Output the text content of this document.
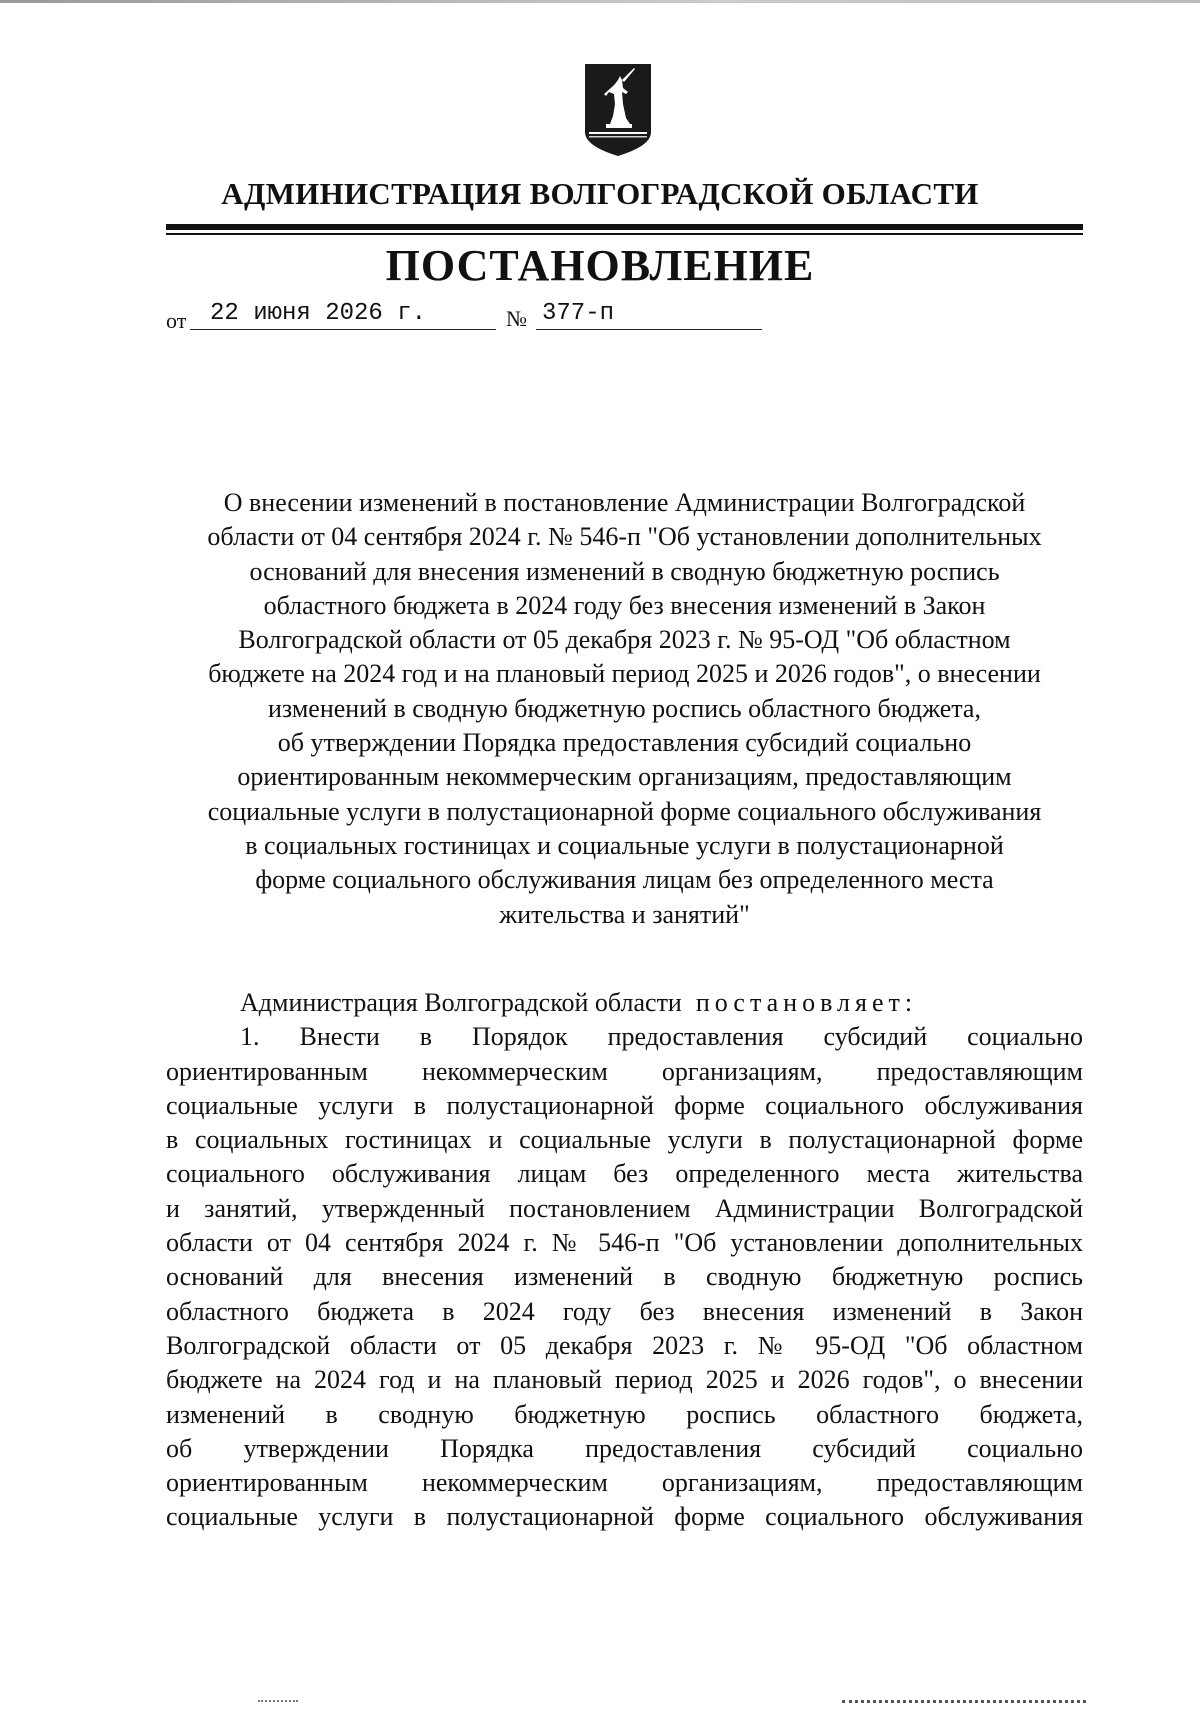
АДМИНИСТРАЦИЯ ВОЛГОГРАДСКОЙ ОБЛАСТИ
ПОСТАНОВЛЕНИЕ
от 22 июня 2026 г.	№ 377-п
О внесении изменений в постановление Администрации Волгоградской
области от 04 сентября 2024 г. № 546-п "Об установлении дополнительных
оснований для внесения изменений в сводную бюджетную роспись
областного бюджета в 2024 году без внесения изменений в Закон
Волгоградской области от 05 декабря 2023 г. № 95-ОД "Об областном
бюджете на 2024 год и на плановый период 2025 и 2026 годов", о внесении
изменений в сводную бюджетную роспись областного бюджета,
об утверждении Порядка предоставления субсидий социально
ориентированным некоммерческим организациям, предоставляющим
социальные услуги в полустационарной форме социального обслуживания
в социальных гостиницах и социальные услуги в полустационарной
форме социального обслуживания лицам без определенного места
жительства и занятий"
Администрация Волгоградской области постановляет:
1. Внести в Порядок предоставления субсидий социально
ориентированным некоммерческим организациям, предоставляющим
социальные услуги в полустационарной форме социального обслуживания
в социальных гостиницах и социальные услуги в полустационарной форме
социального обслуживания лицам без определенного места жительства
и занятий, утвержденный постановлением Администрации Волгоградской
области от 04 сентября 2024 г. № 546-п "Об установлении дополнительных
оснований для внесения изменений в сводную бюджетную роспись
областного бюджета в 2024 году без внесения изменений в Закон
Волгоградской области от 05 декабря 2023 г. № 95-ОД "Об областном
бюджете на 2024 год и на плановый период 2025 и 2026 годов", о внесении
изменений в сводную бюджетную роспись областного бюджета,
об утверждении Порядка предоставления субсидий социально
ориентированным некоммерческим организациям, предоставляющим
социальные услуги в полустационарной форме социального обслуживания
